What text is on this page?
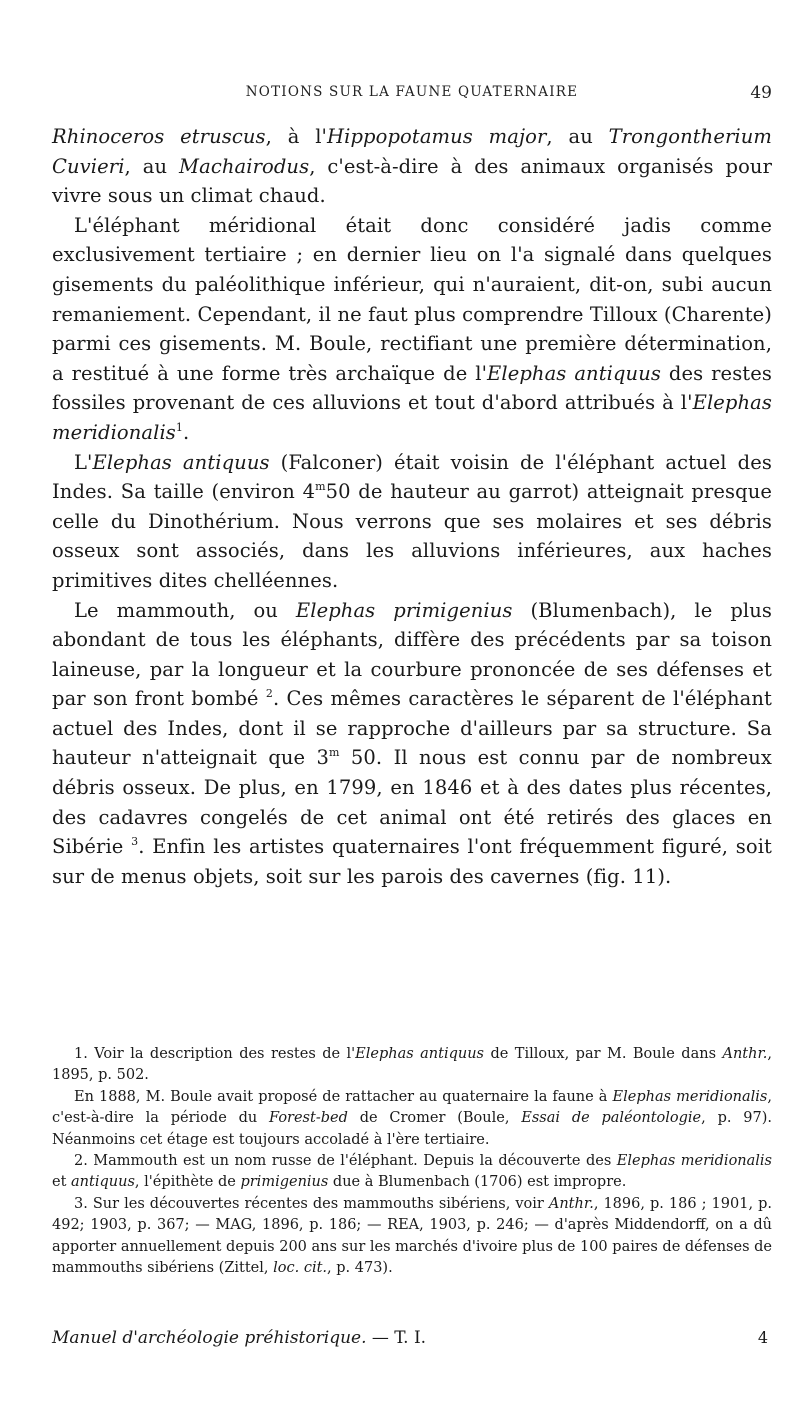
NOTIONS SUR LA FAUNE QUATERNAIRE	49

Rhinoceros etruscus, à l'Hippopotamus major, au Trongontherium Cuvieri, au Machairodus, c'est-à-dire à des animaux organisés pour vivre sous un climat chaud.

L'éléphant méridional était donc considéré jadis comme exclusivement tertiaire ; en dernier lieu on l'a signalé dans quelques gisements du paléolithique inférieur, qui n'auraient, dit-on, subi aucun remaniement. Cependant, il ne faut plus comprendre Tilloux (Charente) parmi ces gisements. M. Boule, rectifiant une première détermination, a restitué à une forme très archaïque de l'Elephas antiquus des restes fossiles provenant de ces alluvions et tout d'abord attribués à l'Elephas meridionalis$^1$.

L'Elephas antiquus (Falconer) était voisin de l'éléphant actuel des Indes. Sa taille (environ 4$^m$50 de hauteur au garrot) atteignait presque celle du Dinothérium. Nous verrons que ses molaires et ses débris osseux sont associés, dans les alluvions inférieures, aux haches primitives dites chelléennes.

Le mammouth, ou Elephas primigenius (Blumenbach), le plus abondant de tous les éléphants, diffère des précédents par sa toison laineuse, par la longueur et la courbure prononcée de ses défenses et par son front bombé $^2$. Ces mêmes caractères le séparent de l'éléphant actuel des Indes, dont il se rapproche d'ailleurs par sa structure. Sa hauteur n'atteignait que 3$^m$ 50. Il nous est connu par de nombreux débris osseux. De plus, en 1799, en 1846 et à des dates plus récentes, des cadavres congelés de cet animal ont été retirés des glaces en Sibérie $^3$. Enfin les artistes quaternaires l'ont fréquemment figuré, soit sur de menus objets, soit sur les parois des cavernes (fig. 11).

1. Voir la description des restes de l'Elephas antiquus de Tilloux, par M. Boule dans Anthr., 1895, p. 502.

En 1888, M. Boule avait proposé de rattacher au quaternaire la faune à Elephas meridionalis, c'est-à-dire la période du Forest-bed de Cromer (Boule, Essai de paléontologie, p. 97). Néanmoins cet étage est toujours accoladé à l'ère tertiaire.

2. Mammouth est un nom russe de l'éléphant. Depuis la découverte des Elephas meridionalis et antiquus, l'épithète de primigenius due à Blumenbach (1706) est impropre.

3. Sur les découvertes récentes des mammouths sibériens, voir Anthr., 1896, p. 186 ; 1901, p. 492; 1903, p. 367; — MAG, 1896, p. 186; — REA, 1903, p. 246; — d'après Middendorff, on a dû apporter annuellement depuis 200 ans sur les marchés d'ivoire plus de 100 paires de défenses de mammouths sibériens (Zittel, loc. cit., p. 473).

Manuel d'archéologie préhistorique. — T. I.	4
